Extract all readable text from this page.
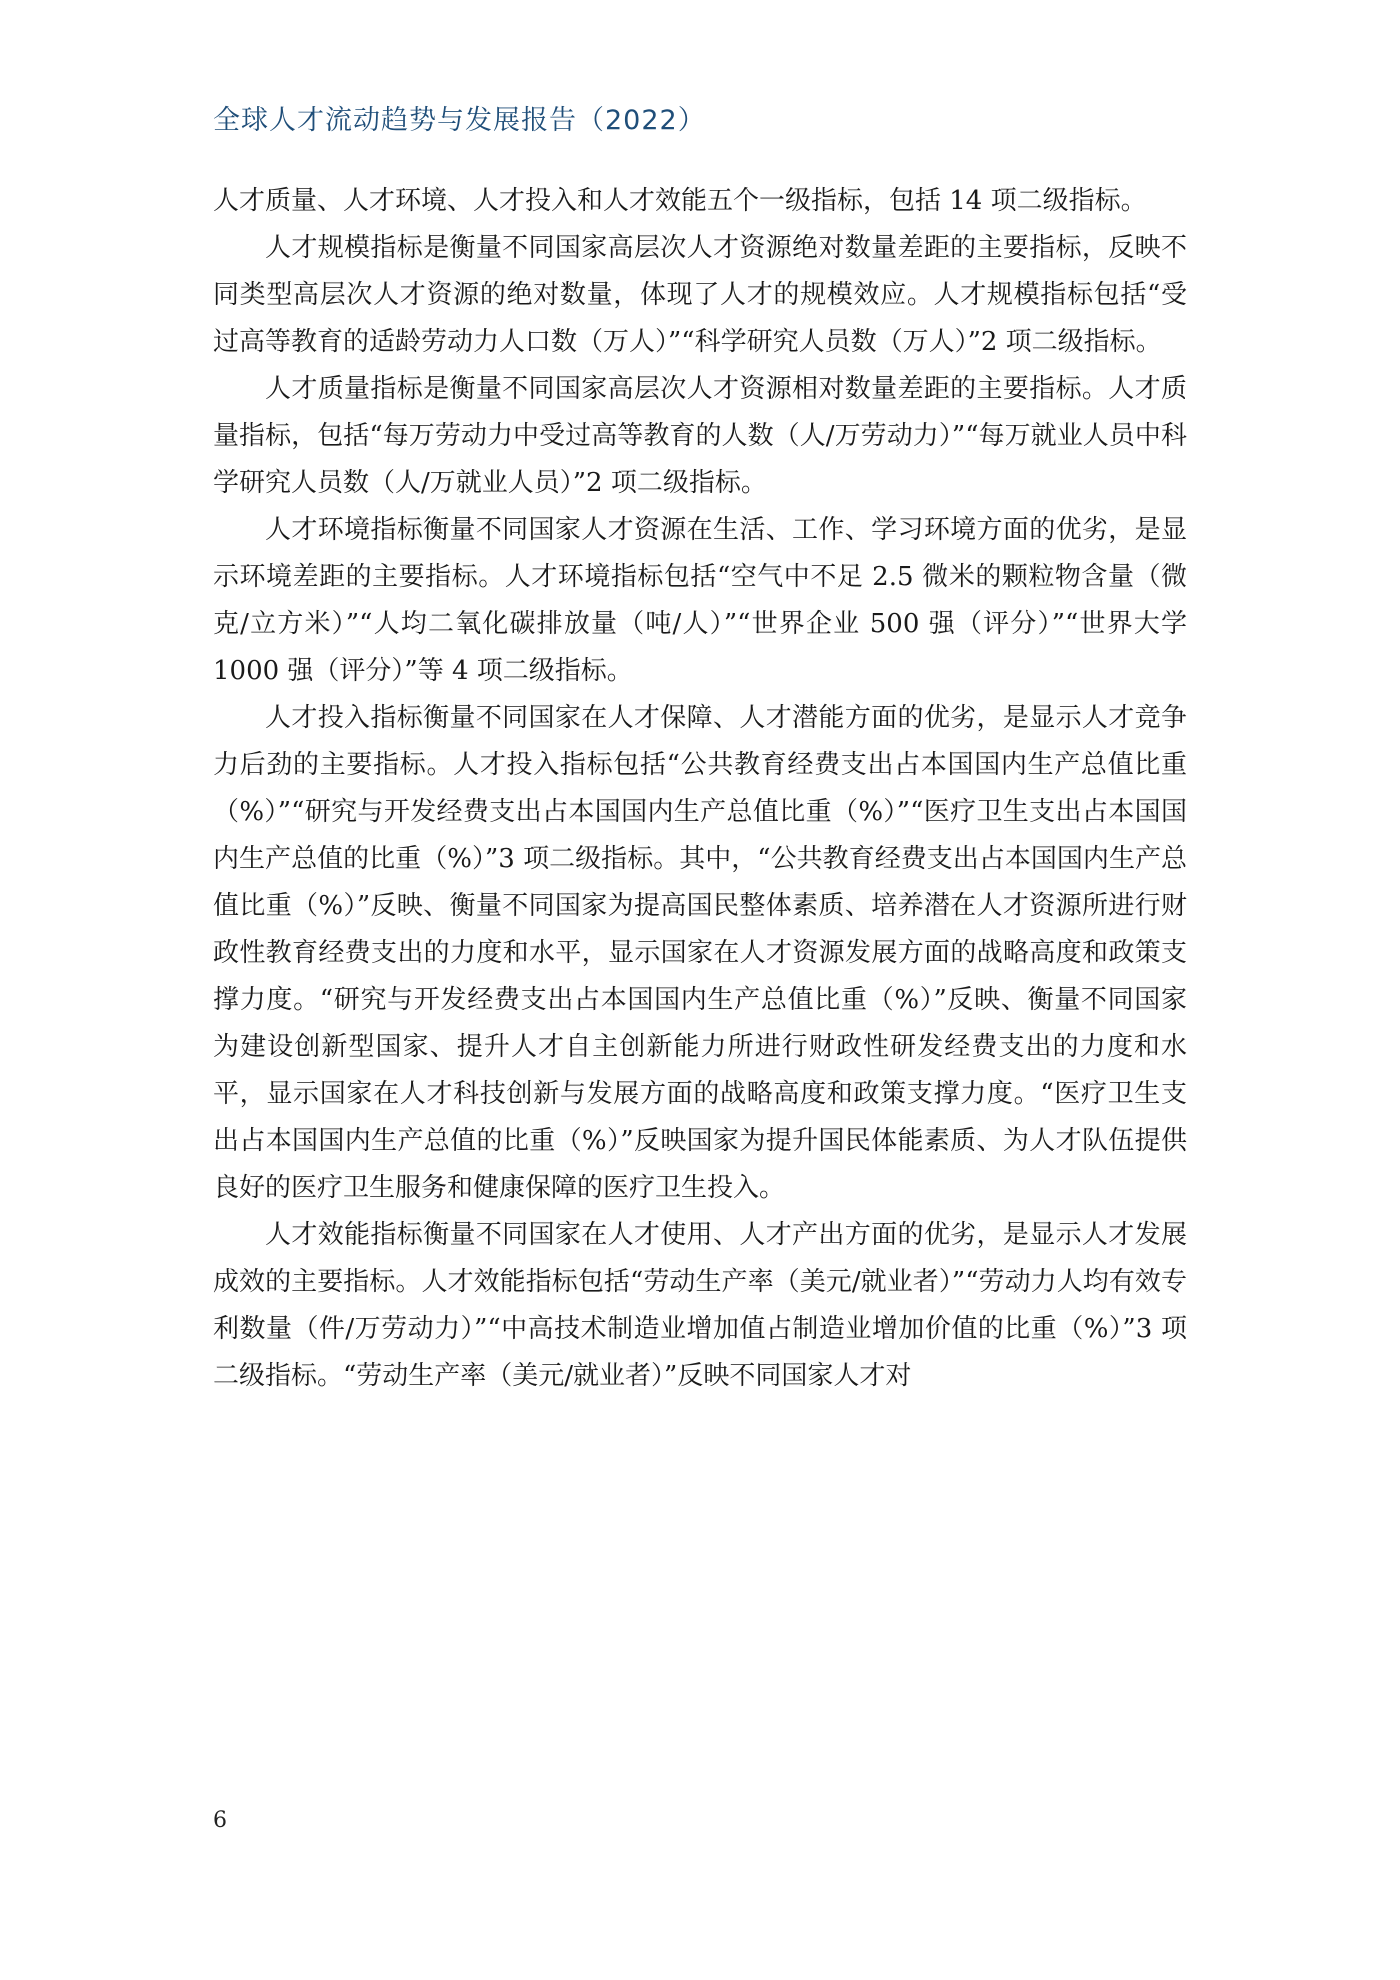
全球人才流动趋势与发展报告（2022）

人才质量、人才环境、人才投入和人才效能五个一级指标，包括 14 项二级指标。

人才规模指标是衡量不同国家高层次人才资源绝对数量差距的主要指标，反映不同类型高层次人才资源的绝对数量，体现了人才的规模效应。人才规模指标包括“受过高等教育的适龄劳动力人口数（万人）”“科学研究人员数（万人）”2 项二级指标。

人才质量指标是衡量不同国家高层次人才资源相对数量差距的主要指标。人才质量指标，包括“每万劳动力中受过高等教育的人数（人/万劳动力）”“每万就业人员中科学研究人员数（人/万就业人员）”2 项二级指标。

人才环境指标衡量不同国家人才资源在生活、工作、学习环境方面的优劣，是显示环境差距的主要指标。人才环境指标包括“空气中不足 2.5 微米的颗粒物含量（微克/立方米）”“人均二氧化碳排放量（吨/人）”“世界企业 500 强（评分）”“世界大学 1000 强（评分）”等 4 项二级指标。

人才投入指标衡量不同国家在人才保障、人才潜能方面的优劣，是显示人才竞争力后劲的主要指标。人才投入指标包括“公共教育经费支出占本国国内生产总值比重（%）”“研究与开发经费支出占本国国内生产总值比重（%）”“医疗卫生支出占本国国内生产总值的比重（%）”3 项二级指标。其中，“公共教育经费支出占本国国内生产总值比重（%）”反映、衡量不同国家为提高国民整体素质、培养潜在人才资源所进行财政性教育经费支出的力度和水平，显示国家在人才资源发展方面的战略高度和政策支撑力度。“研究与开发经费支出占本国国内生产总值比重（%）”反映、衡量不同国家为建设创新型国家、提升人才自主创新能力所进行财政性研发经费支出的力度和水平，显示国家在人才科技创新与发展方面的战略高度和政策支撑力度。“医疗卫生支出占本国国内生产总值的比重（%）”反映国家为提升国民体能素质、为人才队伍提供良好的医疗卫生服务和健康保障的医疗卫生投入。

人才效能指标衡量不同国家在人才使用、人才产出方面的优劣，是显示人才发展成效的主要指标。人才效能指标包括“劳动生产率（美元/就业者）”“劳动力人均有效专利数量（件/万劳动力）”“中高技术制造业增加值占制造业增加价值的比重（%）”3 项二级指标。“劳动生产率（美元/就业者）”反映不同国家人才对

6
